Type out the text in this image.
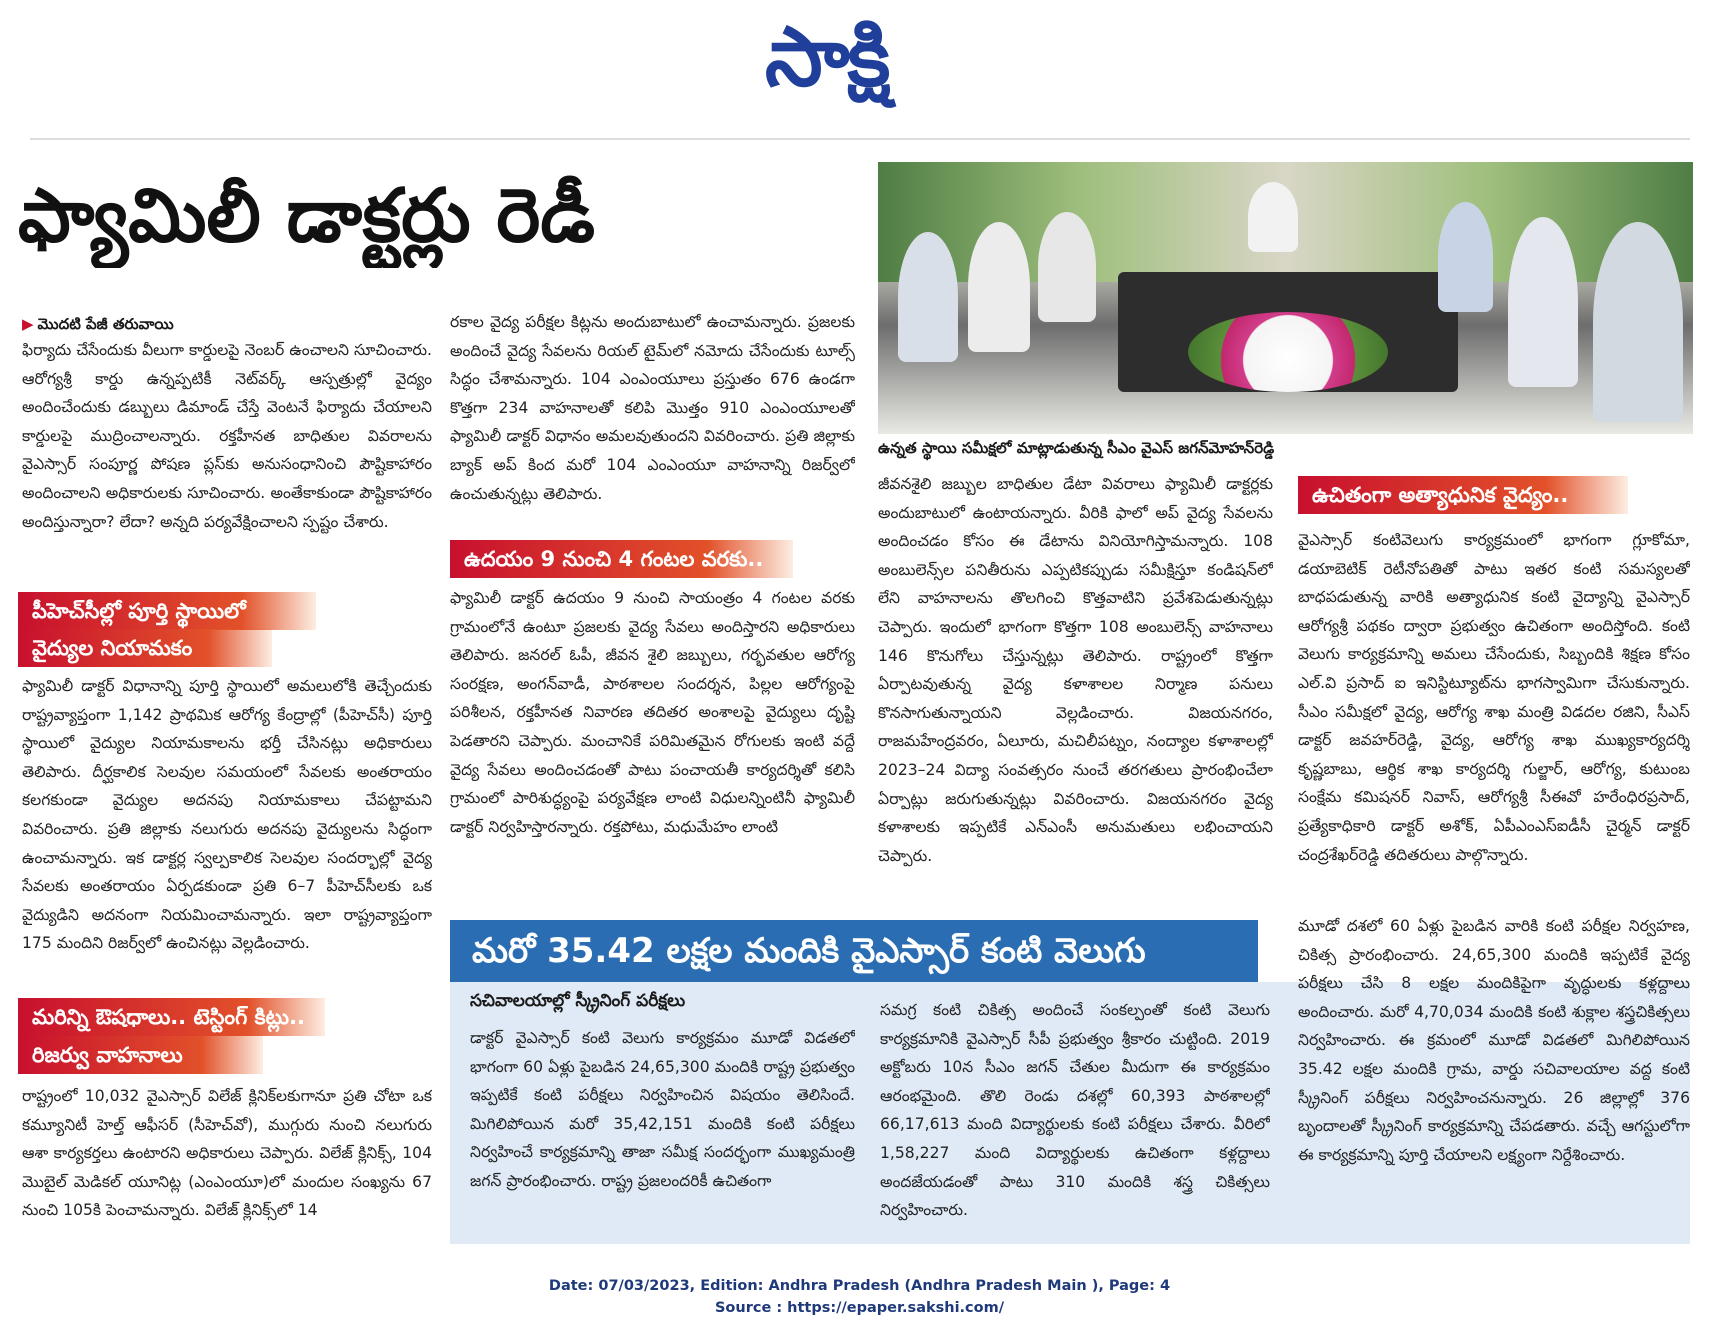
సాక్షి
ఫ్యామిలీ డాక్టర్లు రెడీ
▶ మొదటి పేజీ తరువాయి

ఫిర్యాదు చేసేందుకు వీలుగా కార్డులపై నెంబర్ ఉంచాలని సూచించారు. ఆరోగ్యశ్రీ కార్డు ఉన్నప్పటికీ నెట్‌వర్క్ ఆస్పత్రుల్లో వైద్యం అందించేందుకు డబ్బులు డిమాండ్ చేస్తే వెంటనే ఫిర్యాదు చేయాలని కార్డులపై ముద్రించాలన్నారు. రక్తహీనత బాధితుల వివరాలను వైఎస్సార్ సంపూర్ణ పోషణ ప్లస్‌కు అనుసంధానించి పౌష్టికాహారం అందించాలని అధికారులకు సూచించారు. అంతేకాకుండా పౌష్టికాహారం అందిస్తున్నారా? లేదా? అన్నది పర్యవేక్షించాలని స్పష్టం చేశారు.

పీహెచ్‌సీల్లో పూర్తి స్థాయిలో
వైద్యుల నియామకం

ఫ్యామిలీ డాక్టర్ విధానాన్ని పూర్తి స్థాయిలో అమలులోకి తెచ్చేందుకు రాష్ట్రవ్యాప్తంగా 1,142 ప్రాథమిక ఆరోగ్య కేంద్రాల్లో (పీహెచ్‌సీ) పూర్తి స్థాయిలో వైద్యుల నియామకాలను భర్తీ చేసినట్లు అధికారులు తెలిపారు. దీర్ఘకాలిక సెలవుల సమయంలో సేవలకు అంతరాయం కలగకుండా వైద్యుల అదనపు నియామకాలు చేపట్టామని వివరించారు. ప్రతి జిల్లాకు నలుగురు అదనపు వైద్యులను సిద్ధంగా ఉంచామన్నారు. ఇక డాక్టర్ల స్వల్పకాలిక సెలవుల సందర్భాల్లో వైద్య సేవలకు అంతరాయం ఏర్పడకుండా ప్రతి 6–7 పీహెచ్‌సీలకు ఒక వైద్యుడిని అదనంగా నియమించామన్నారు. ఇలా రాష్ట్రవ్యాప్తంగా 175 మందిని రిజర్వ్‌లో ఉంచినట్లు వెల్లడించారు.

మరిన్ని ఔషధాలు.. టెస్టింగ్ కిట్లు..
రిజర్వు వాహనాలు

రాష్ట్రంలో 10,032 వైఎస్సార్ విలేజ్ క్లినిక్‌లకుగానూ ప్రతి చోటా ఒక కమ్యూనిటీ హెల్త్ ఆఫీసర్ (సీహెచ్‌వో), ముగ్గురు నుంచి నలుగురు ఆశా కార్యకర్తలు ఉంటారని అధికారులు చెప్పారు. విలేజ్ క్లినిక్స్, 104 మొబైల్ మెడికల్ యూనిట్ల (ఎంఎంయూ)లో మందుల సంఖ్యను 67 నుంచి 105కి పెంచామన్నారు. విలేజ్ క్లినిక్స్‌లో 14

రకాల వైద్య పరీక్షల కిట్లను అందుబాటులో ఉంచామన్నారు. ప్రజలకు అందించే వైద్య సేవలను రియల్ టైమ్‌లో నమోదు చేసేందుకు టూల్స్ సిద్ధం చేశామన్నారు. 104 ఎంఎంయూలు ప్రస్తుతం 676 ఉండగా కొత్తగా 234 వాహనాలతో కలిపి మొత్తం 910 ఎంఎంయూలతో ఫ్యామిలీ డాక్టర్ విధానం అమలవుతుందని వివరించారు. ప్రతి జిల్లాకు బ్యాక్ అప్ కింద మరో 104 ఎంఎంయూ వాహనాన్ని రిజర్వ్‌లో ఉంచుతున్నట్లు తెలిపారు.

ఉదయం 9 నుంచి 4 గంటల వరకు..

ఫ్యామిలీ డాక్టర్ ఉదయం 9 నుంచి సాయంత్రం 4 గంటల వరకు గ్రామంలోనే ఉంటూ ప్రజలకు వైద్య సేవలు అందిస్తారని అధికారులు తెలిపారు. జనరల్ ఓపీ, జీవన శైలి జబ్బులు, గర్భవతుల ఆరోగ్య సంరక్షణ, అంగన్‌వాడీ, పాఠశాలల సందర్శన, పిల్లల ఆరోగ్యంపై పరిశీలన, రక్తహీనత నివారణ తదితర అంశాలపై వైద్యులు దృష్టి పెడతారని చెప్పారు. మంచానికే పరిమితమైన రోగులకు ఇంటి వద్దే వైద్య సేవలు అందించడంతో పాటు పంచాయతీ కార్యదర్శితో కలిసి గ్రామంలో పారిశుద్ధ్యంపై పర్యవేక్షణ లాంటి విధులన్నింటినీ ఫ్యామిలీ డాక్టర్ నిర్వహిస్తారన్నారు. రక్తపోటు, మధుమేహం లాంటి

ఉన్నత స్థాయి సమీక్షలో మాట్లాడుతున్న సీఎం వైఎస్ జగన్‌మోహన్‌రెడ్డి

జీవనశైలి జబ్బుల బాధితుల డేటా వివరాలు ఫ్యామిలీ డాక్టర్లకు అందుబాటులో ఉంటాయన్నారు. వీరికి ఫాలో అప్ వైద్య సేవలను అందించడం కోసం ఈ డేటాను వినియోగిస్తామన్నారు. 108 అంబులెన్స్‌ల పనితీరును ఎప్పటికప్పుడు సమీక్షిస్తూ కండిషన్‌లో లేని వాహనాలను తొలగించి కొత్తవాటిని ప్రవేశపెడుతున్నట్లు చెప్పారు. ఇందులో భాగంగా కొత్తగా 108 అంబులెన్స్‌ వాహనాలు 146 కొనుగోలు చేస్తున్నట్లు తెలిపారు. రాష్ట్రంలో కొత్తగా ఏర్పాటవుతున్న వైద్య కళాశాలల నిర్మాణ పనులు కొనసాగుతున్నాయని వెల్లడించారు. విజయనగరం, రాజమహేంద్రవరం, ఏలూరు, మచిలీపట్నం, నంద్యాల కళాశాలల్లో 2023–24 విద్యా సంవత్సరం నుంచే తరగతులు ప్రారంభించేలా ఏర్పాట్లు జరుగుతున్నట్లు వివరించారు. విజయనగరం వైద్య కళాశాలకు ఇప్పటికే ఎన్‌ఎంసీ అనుమతులు లభించాయని చెప్పారు.

ఉచితంగా అత్యాధునిక వైద్యం..

వైఎస్సార్ కంటివెలుగు కార్యక్రమంలో భాగంగా గ్లూకోమా, డయాబెటిక్ రెటీనోపతితో పాటు ఇతర కంటి సమస్యలతో బాధపడుతున్న వారికి అత్యాధునిక కంటి వైద్యాన్ని వైఎస్సార్ ఆరోగ్యశ్రీ పథకం ద్వారా ప్రభుత్వం ఉచితంగా అందిస్తోంది. కంటి వెలుగు కార్యక్రమాన్ని అమలు చేసేందుకు, సిబ్బందికి శిక్షణ కోసం ఎల్.వి ప్రసాద్ ఐ ఇనిస్టిట్యూట్‌ను భాగస్వామిగా చేసుకున్నారు. సీఎం సమీక్షలో వైద్య, ఆరోగ్య శాఖ మంత్రి విడదల రజిని, సీఎస్ డాక్టర్ జవహర్‌రెడ్డి, వైద్య, ఆరోగ్య శాఖ ముఖ్యకార్యదర్శి కృష్ణబాబు, ఆర్థిక శాఖ కార్యదర్శి గుల్జార్, ఆరోగ్య, కుటుంబ సంక్షేమ కమిషనర్ నివాస్, ఆరోగ్యశ్రీ సీఈవో హరేంధిరప్రసాద్, ప్రత్యేకాధికారి డాక్టర్ అశోక్, ఏపీఎంఎస్‌ఐడీసీ చైర్మన్ డాక్టర్ చంద్రశేఖర్‌రెడ్డి తదితరులు పాల్గొన్నారు.

మరో 35.42 లక్షల మందికి వైఎస్సార్ కంటి వెలుగు
సచివాలయాల్లో స్క్రీనింగ్ పరీక్షలు

డాక్టర్ వైఎస్సార్ కంటి వెలుగు కార్యక్రమం మూడో విడతలో భాగంగా 60 ఏళ్లు పైబడిన 24,65,300 మందికి రాష్ట్ర ప్రభుత్వం ఇప్పటికే కంటి పరీక్షలు నిర్వహించిన విషయం తెలిసిందే. మిగిలిపోయిన మరో 35,42,151 మందికి కంటి పరీక్షలు నిర్వహించే కార్యక్రమాన్ని తాజా సమీక్ష సందర్భంగా ముఖ్యమంత్రి జగన్ ప్రారంభించారు. రాష్ట్ర ప్రజలందరికీ ఉచితంగా

సమగ్ర కంటి చికిత్స అందించే సంకల్పంతో కంటి వెలుగు కార్యక్రమానికి వైఎస్సార్ సీపీ ప్రభుత్వం శ్రీకారం చుట్టింది. 2019 అక్టోబరు 10న సీఎం జగన్ చేతుల మీదుగా ఈ కార్యక్రమం ఆరంభమైంది. తొలి రెండు దశల్లో 60,393 పాఠశాలల్లో 66,17,613 మంది విద్యార్థులకు కంటి పరీక్షలు చేశారు. వీరిలో 1,58,227 మంది విద్యార్థులకు ఉచితంగా కళ్లద్దాలు అందజేయడంతో పాటు 310 మందికి శస్త్ర చికిత్సలు నిర్వహించారు.

మూడో దశలో 60 ఏళ్లు పైబడిన వారికి కంటి పరీక్షల నిర్వహణ, చికిత్స ప్రారంభించారు. 24,65,300 మందికి ఇప్పటికే వైద్య పరీక్షలు చేసి 8 లక్షల మందికిపైగా వృద్ధులకు కళ్లద్దాలు అందించారు. మరో 4,70,034 మందికి కంటి శుక్లాల శస్త్రచికిత్సలు నిర్వహించారు. ఈ క్రమంలో మూడో విడతలో మిగిలిపోయిన 35.42 లక్షల మందికి గ్రామ, వార్డు సచివాలయాల వద్ద కంటి స్క్రీనింగ్ పరీక్షలు నిర్వహించనున్నారు. 26 జిల్లాల్లో 376 బృందాలతో స్క్రీనింగ్ కార్యక్రమాన్ని చేపడతారు. వచ్చే ఆగస్టులోగా ఈ కార్యక్రమాన్ని పూర్తి చేయాలని లక్ష్యంగా నిర్దేశించారు.

Date: 07/03/2023, Edition: Andhra Pradesh (Andhra Pradesh Main ), Page: 4
Source : https://epaper.sakshi.com/
